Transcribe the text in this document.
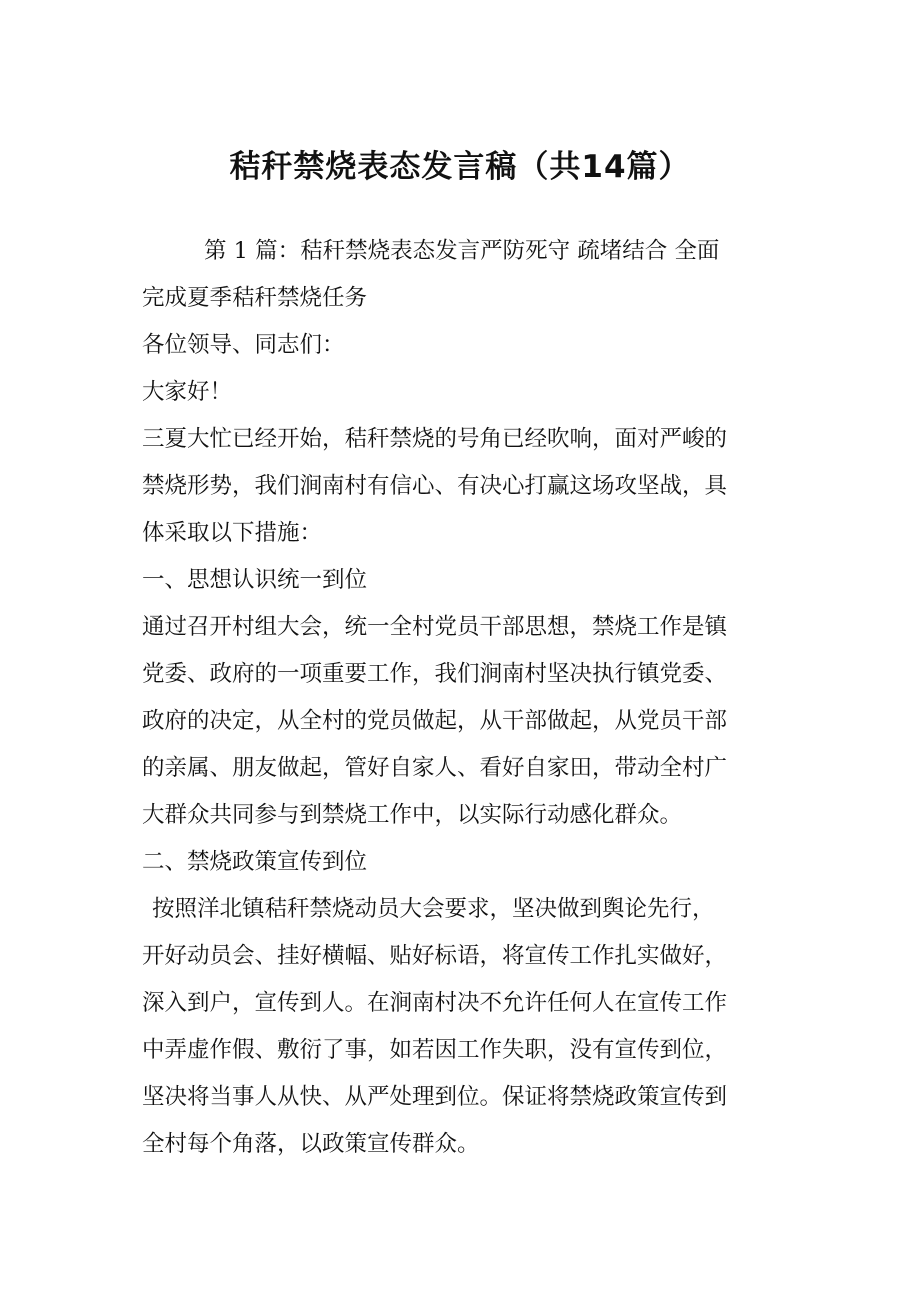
秸秆禁烧表态发言稿（共14篇）
第 1 篇：秸秆禁烧表态发言严防死守 疏堵结合 全面
完成夏季秸秆禁烧任务
各位领导、同志们：
大家好！
三夏大忙已经开始，秸秆禁烧的号角已经吹响，面对严峻的
禁烧形势，我们涧南村有信心、有决心打赢这场攻坚战，具
体采取以下措施：
一、思想认识统一到位
通过召开村组大会，统一全村党员干部思想，禁烧工作是镇
党委、政府的一项重要工作，我们涧南村坚决执行镇党委、
政府的决定，从全村的党员做起，从干部做起，从党员干部
的亲属、朋友做起，管好自家人、看好自家田，带动全村广
大群众共同参与到禁烧工作中，以实际行动感化群众。
二、禁烧政策宣传到位
按照洋北镇秸秆禁烧动员大会要求，坚决做到舆论先行，
开好动员会、挂好横幅、贴好标语，将宣传工作扎实做好，
深入到户，宣传到人。在涧南村决不允许任何人在宣传工作
中弄虚作假、敷衍了事，如若因工作失职，没有宣传到位，
坚决将当事人从快、从严处理到位。保证将禁烧政策宣传到
全村每个角落，以政策宣传群众。
